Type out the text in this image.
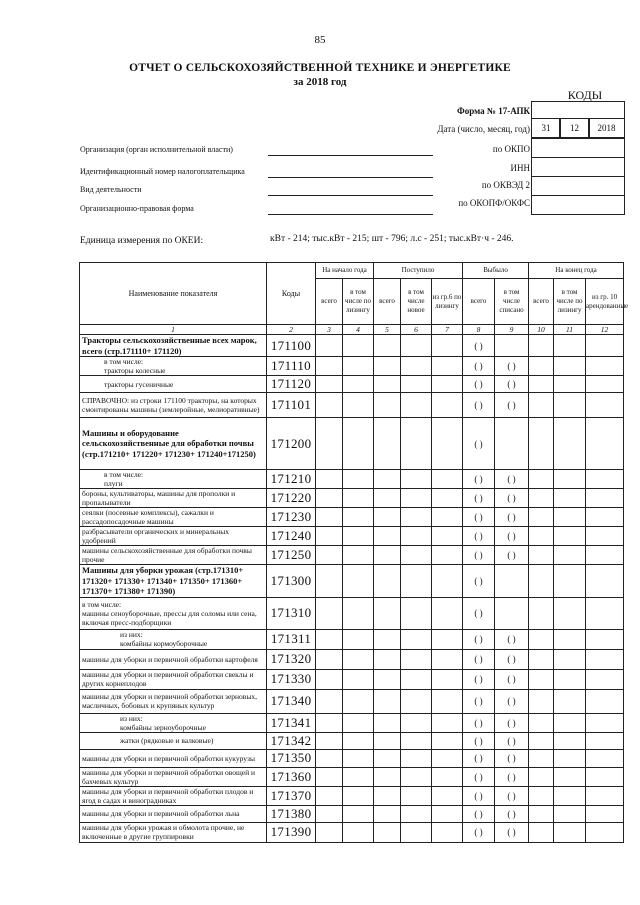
85
ОТЧЕТ О СЕЛЬСКОХОЗЯЙСТВЕННОЙ ТЕХНИКЕ И ЭНЕРГЕТИКЕ
за 2018 год
КОДЫ
Форма № 17-АПК
Дата (число, месяц, год)	31	12	2018
Организация (орган исполнительной власти)	по ОКПО
Идентификационный номер налогоплательщика	ИНН
Вид деятельности	по ОКВЭД 2
Организационно-правовая форма
по ОКОПФ/ОКФС
Единица измерения по ОКЕИ:	кВт - 214; тыс.кВт - 215; шт - 796; л.с - 251; тыс.кВт·ч - 246.
Наименование показателя	Коды	На начало года		Поступило			Выбыло		На конец года		
		всего	в том числе по лизингу	всего	в том числе новое	из гр.6 по лизингу	всего	в том числе списано	всего	в том числе по лизингу	из гр. 10 арендованные
1	2	3	4	5	6	7	8	9	10	11	12
Тракторы сельскохозяйственные всех марок, всего (стр.171110+ 171120)	171100						( )				
в том числе:
тракторы колесные	171110						( )	( )			
тракторы гусеничные	171120						( )	( )			
СПРАВОЧНО: из строки 171100 тракторы, на которых смонтированы машины (землеройные, мелиоративные)	171101						( )	( )			
Машины и оборудование сельскохозяйственные для обработки почвы (стр.171210+ 171220+ 171230+ 171240+171250)	171200						( )				
в том числе:
плуги	171210						( )	( )			
бороны, культиваторы, машины для прополки и пропалыватели	171220						( )	( )			
сеялки (посевные комплексы), сажалки и рассадопосадочные машины	171230						( )	( )			
разбрасыватели органических и минеральных удобрений	171240						( )	( )			
машины сельскохозяйственные для обработки почвы прочие	171250						( )	( )			
Машины для уборки урожая (стр.171310+ 171320+ 171330+ 171340+ 171350+ 171360+ 171370+ 171380+ 171390)	171300						( )				
в том числе:
машины сеноуборочные, прессы для соломы или сена, включая пресс-подборщики	171310						( )				
из них:
комбайны кормоуборочные	171311						( )	( )			
машины для уборки и первичной обработки картофеля	171320						( )	( )			
машины для уборки и первичной обработки свеклы и других корнеплодов	171330						( )	( )			
машины для уборки и первичной обработки зерновых, масличных, бобовых и крупяных культур	171340						( )	( )			
из них:
комбайны зерноуборочные	171341						( )	( )			
жатки (рядковые и валковые)	171342						( )	( )			
машины для уборки и первичной обработки кукурузы	171350						( )	( )			
машины для уборки и первичной обработки овощей и бахчевых культур	171360						( )	( )			
машины для уборки и первичной обработки плодов и ягод в садах и виноградниках	171370						( )	( )			
машины для уборки и первичной обработки льна	171380						( )	( )			
машины для уборки урожая и обмолота прочие, не включенные в другие группировки	171390						( )	( )			
